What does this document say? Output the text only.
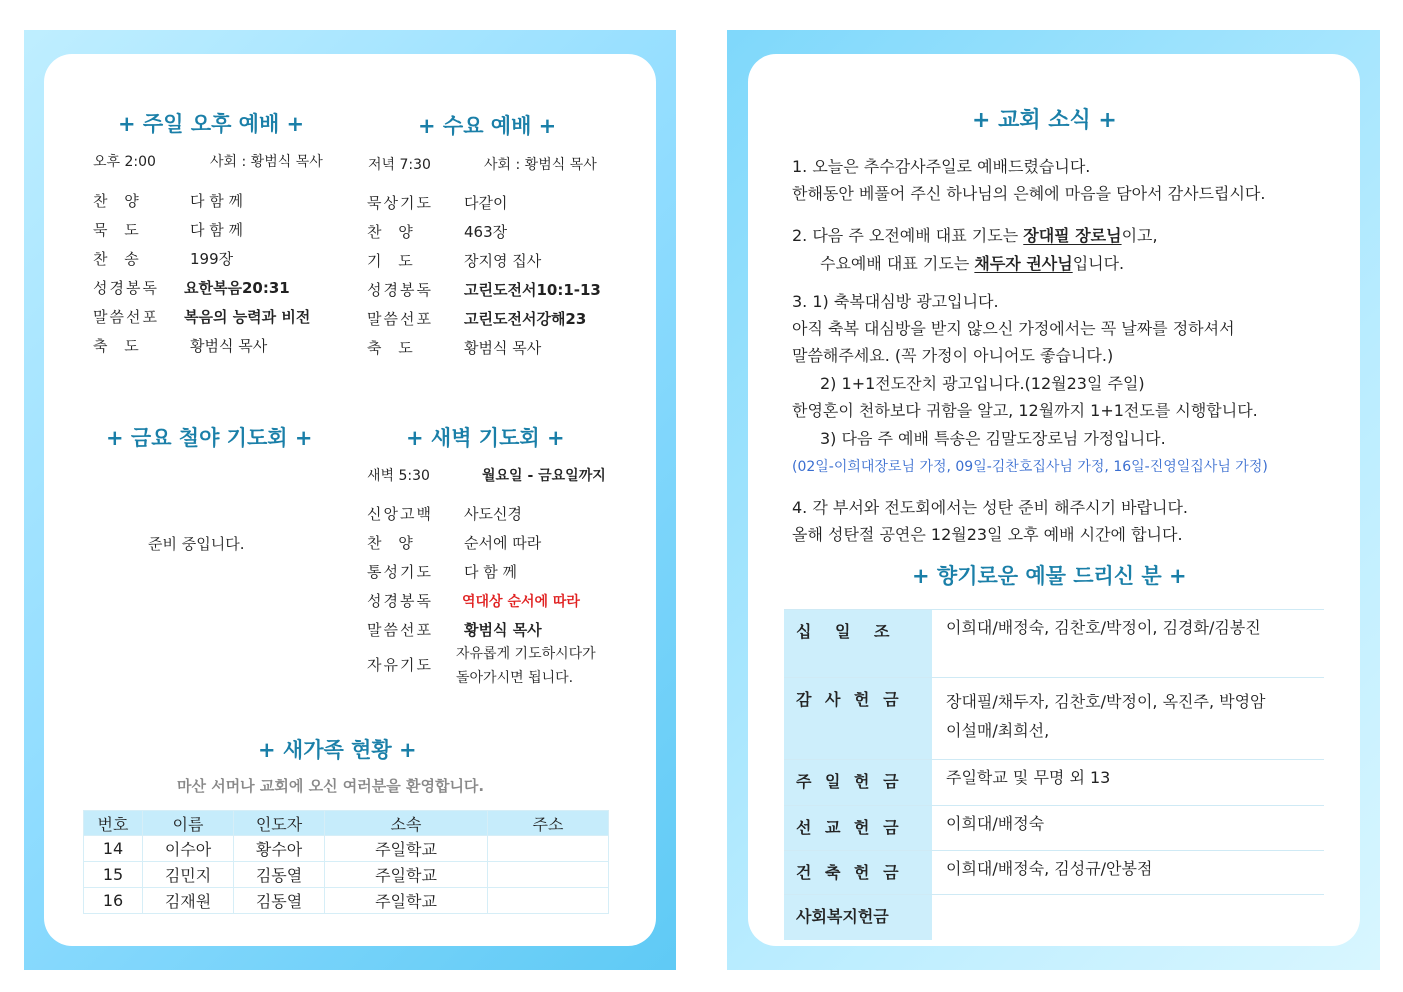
+ 주일 오후 예배 +
오후 2:00	사회 : 황범식 목사
찬 양	다 함 께
묵 도	다 함 께
찬 송	199장
성경봉독 요한복음20:31
말씀선포 복음의 능력과 비전
축 도	황범식 목사
+ 수요 예배 +
저녁 7:30	사회 : 황범식 목사
묵상기도 다같이
찬 양	463장
기 도	장지영 집사
성경봉독 고린도전서10:1-13
말씀선포 고린도전서강해23
축 도	황범식 목사
+ 금요 철야 기도회 +
준비 중입니다.
+ 새벽 기도회 +
새벽 5:30	월요일 - 금요일까지
신앙고백 사도신경
찬 양	순서에 따라
통성기도 다 함 께
성경봉독 역대상 순서에 따라
말씀선포 황범식 목사
자유기도
자유롭게 기도하시다가
돌아가시면 됩니다.
+ 새가족 현황 +
마산 서머나 교회에 오신 여러분을 환영합니다.
번호	이름	인도자	소속	주소
14	이수아	황수아	주일학교	
15	김민지	김동열	주일학교	
16	김재원	김동열	주일학교	
+ 교회 소식 +
1. 오늘은 추수감사주일로 예배드렸습니다.
한해동안 베풀어 주신 하나님의 은혜에 마음을 담아서 감사드립시다.
2. 다음 주 오전예배 대표 기도는 장대필 장로님이고,
수요예배 대표 기도는 채두자 권사님입니다.
3. 1) 축복대심방 광고입니다.
아직 축복 대심방을 받지 않으신 가정에서는 꼭 날짜를 정하셔서
말씀해주세요. (꼭 가정이 아니어도 좋습니다.)
2) 1+1전도잔치 광고입니다.(12월23일 주일)
한영혼이 천하보다 귀함을 알고, 12월까지 1+1전도를 시행합니다.
3) 다음 주 예배 특송은 김말도장로님 가정입니다.
(02일-이희대장로님 가정, 09일-김찬호집사님 가정, 16일-진영일집사님 가정)
4. 각 부서와 전도회에서는 성탄 준비 해주시기 바랍니다.
올해 성탄절 공연은 12월23일 오후 예배 시간에 합니다.
+ 향기로운 예물 드리신 분 +
십 일 조	이희대/배정숙, 김찬호/박정이, 김경화/김봉진
감 사 헌 금	장대필/채두자, 김찬호/박정이, 옥진주, 박영암
이설매/최희선,
주 일 헌 금	주일학교 및 무명 외 13
선 교 헌 금	이희대/배정숙
건 축 헌 금	이희대/배정숙, 김성규/안봉점
사회복지헌금	
